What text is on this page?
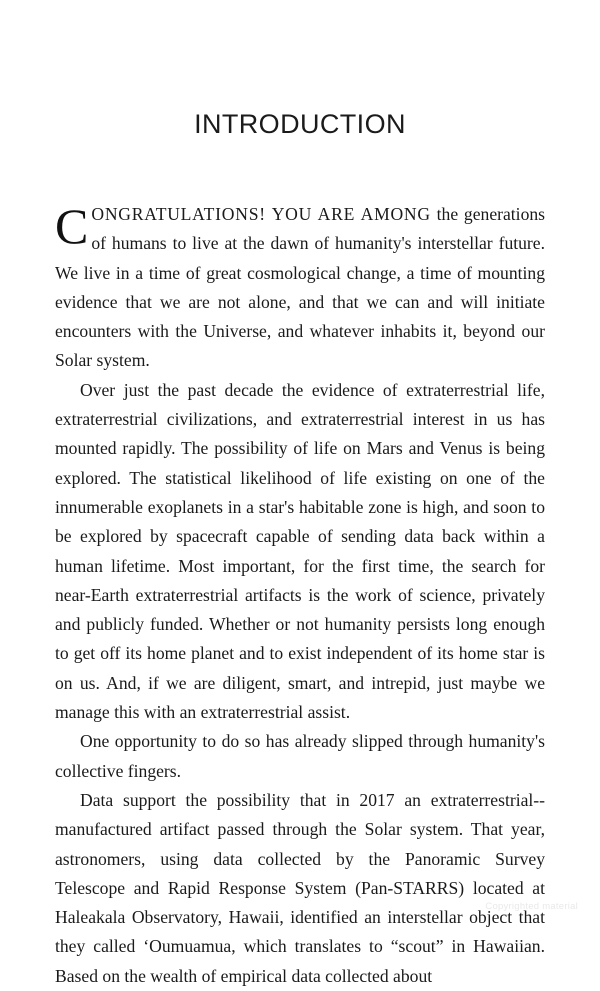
INTRODUCTION

CONGRATULATIONS! YOU ARE AMONG the generations of humans to live at the dawn of humanity's interstellar future. We live in a time of great cosmological change, a time of mounting evidence that we are not alone, and that we can and will initiate encounters with the Universe, and whatever inhabits it, beyond our Solar system.

Over just the past decade the evidence of extraterrestrial life, extraterrestrial civilizations, and extraterrestrial interest in us has mounted rapidly. The possibility of life on Mars and Venus is being explored. The statistical likelihood of life existing on one of the innumerable exoplanets in a star's habitable zone is high, and soon to be explored by spacecraft capable of sending data back within a human lifetime. Most important, for the first time, the search for near-Earth extraterrestrial artifacts is the work of science, privately and publicly funded. Whether or not humanity persists long enough to get off its home planet and to exist independent of its home star is on us. And, if we are diligent, smart, and intrepid, just maybe we manage this with an extraterrestrial assist.

One opportunity to do so has already slipped through humanity's collective fingers.

Data support the possibility that in 2017 an extraterrestrial--manufactured artifact passed through the Solar system. That year, astronomers, using data collected by the Panoramic Survey Telescope and Rapid Response System (Pan-STARRS) located at Haleakala Observatory, Hawaii, identified an interstellar object that they called ‘Oumuamua, which translates to “scout” in Hawaiian. Based on the wealth of empirical data collected about

Copyrighted material
